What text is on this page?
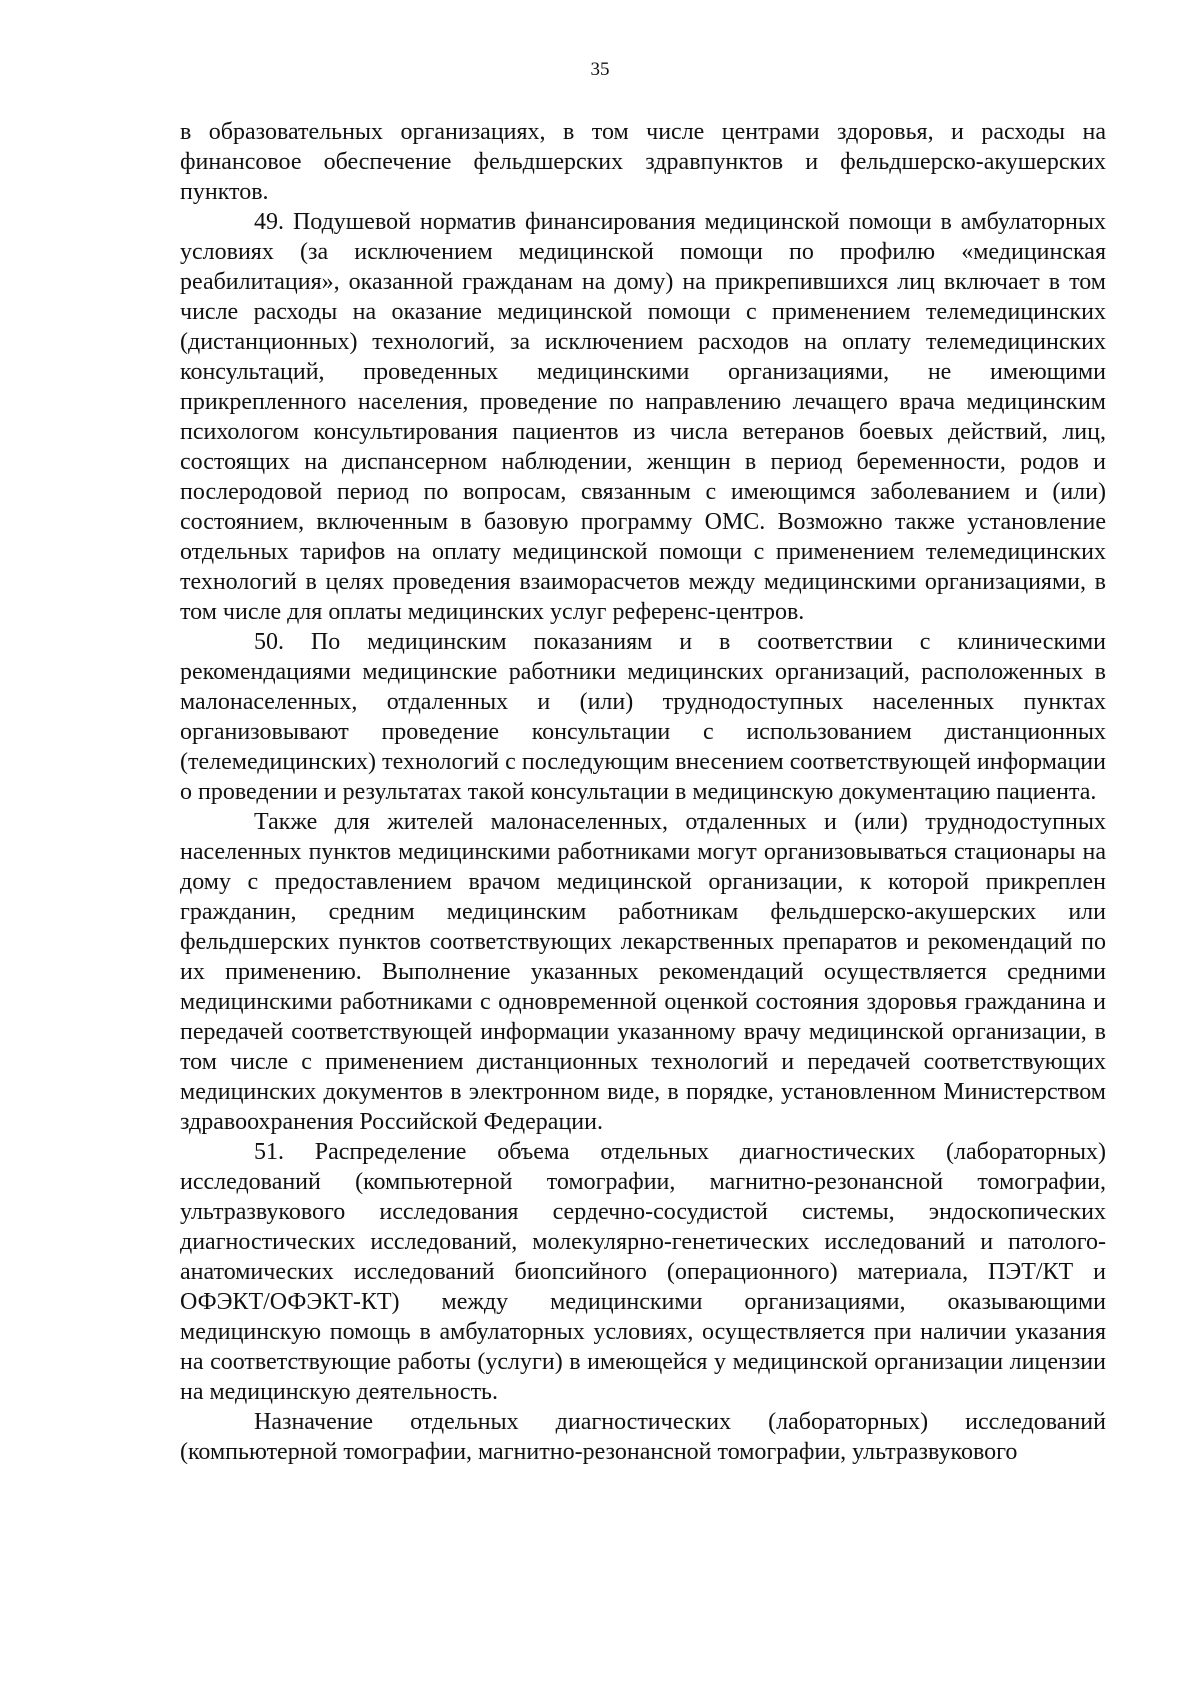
35

в образовательных организациях, в том числе центрами здоровья, и расходы на финансовое обеспечение фельдшерских здравпунктов и фельдшерско-акушерских пунктов.

49. Подушевой норматив финансирования медицинской помощи в амбулаторных условиях (за исключением медицинской помощи по профилю «медицинская реабилитация», оказанной гражданам на дому) на прикрепившихся лиц включает в том числе расходы на оказание медицинской помощи с применением телемедицинских (дистанционных) технологий, за исключением расходов на оплату телемедицинских консультаций, проведенных медицинскими организациями, не имеющими прикрепленного населения, проведение по направлению лечащего врача медицинским психологом консультирования пациентов из числа ветеранов боевых действий, лиц, состоящих на диспансерном наблюдении, женщин в период беременности, родов и послеродовой период по вопросам, связанным с имеющимся заболеванием и (или) состоянием, включенным в базовую программу ОМС. Возможно также установление отдельных тарифов на оплату медицинской помощи с применением телемедицинских технологий в целях проведения взаиморасчетов между медицинскими организациями, в том числе для оплаты медицинских услуг референс-центров.

50. По медицинским показаниям и в соответствии с клиническими рекомендациями медицинские работники медицинских организаций, расположенных в малонаселенных, отдаленных и (или) труднодоступных населенных пунктах организовывают проведение консультации с использованием дистанционных (телемедицинских) технологий с последующим внесением соответствующей информации о проведении и результатах такой консультации в медицинскую документацию пациента.

Также для жителей малонаселенных, отдаленных и (или) труднодоступных населенных пунктов медицинскими работниками могут организовываться стационары на дому с предоставлением врачом медицинской организации, к которой прикреплен гражданин, средним медицинским работникам фельдшерско-акушерских или фельдшерских пунктов соответствующих лекарственных препаратов и рекомендаций по их применению. Выполнение указанных рекомендаций осуществляется средними медицинскими работниками с одновременной оценкой состояния здоровья гражданина и передачей соответствующей информации указанному врачу медицинской организации, в том числе с применением дистанционных технологий и передачей соответствующих медицинских документов в электронном виде, в порядке, установленном Министерством здравоохранения Российской Федерации.

51. Распределение объема отдельных диагностических (лабораторных) исследований (компьютерной томографии, магнитно-резонансной томографии, ультразвукового исследования сердечно-сосудистой системы, эндоскопических диагностических исследований, молекулярно-генетических исследований и патолого-анатомических исследований биопсийного (операционного) материала, ПЭТ/КТ и ОФЭКТ/ОФЭКТ-КТ) между медицинскими организациями, оказывающими медицинскую помощь в амбулаторных условиях, осуществляется при наличии указания на соответствующие работы (услуги) в имеющейся у медицинской организации лицензии на медицинскую деятельность.

Назначение отдельных диагностических (лабораторных) исследований (компьютерной томографии, магнитно-резонансной томографии, ультразвукового
